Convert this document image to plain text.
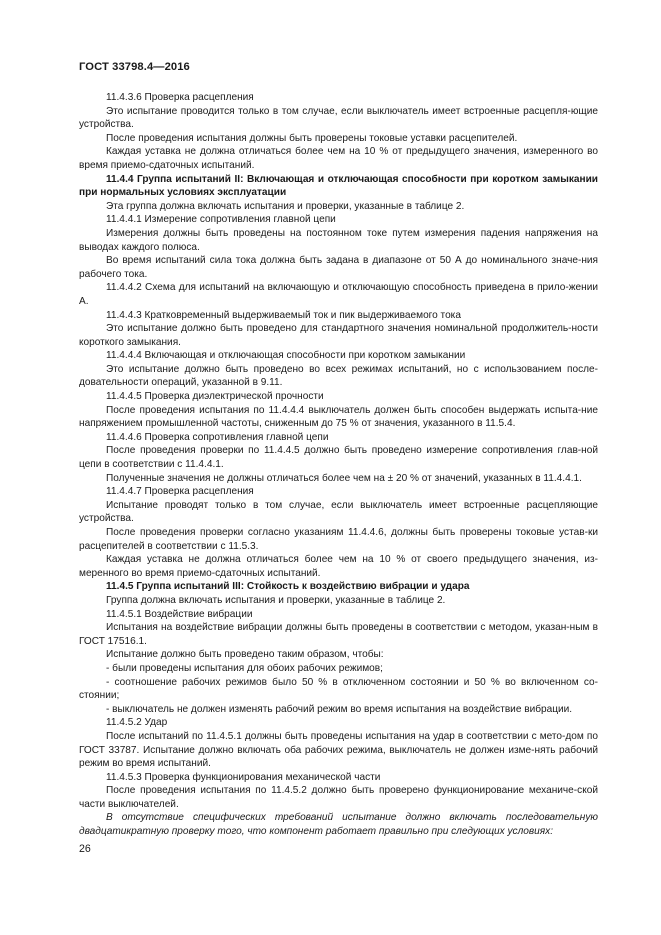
ГОСТ 33798.4—2016

11.4.3.6 Проверка расцепления

Это испытание проводится только в том случае, если выключатель имеет встроенные расцепля-ющие устройства.

После проведения испытания должны быть проверены токовые уставки расцепителей.

Каждая уставка не должна отличаться более чем на 10 % от предыдущего значения, измеренного во время приемо-сдаточных испытаний.

11.4.4 Группа испытаний II: Включающая и отключающая способности при коротком замыкании при нормальных условиях эксплуатации

Эта группа должна включать испытания и проверки, указанные в таблице 2.

11.4.4.1 Измерение сопротивления главной цепи

Измерения должны быть проведены на постоянном токе путем измерения падения напряжения на выводах каждого полюса.

Во время испытаний сила тока должна быть задана в диапазоне от 50 А до номинального значе-ния рабочего тока.

11.4.4.2 Схема для испытаний на включающую и отключающую способность приведена в прило-жении А.

11.4.4.3 Кратковременный выдерживаемый ток и пик выдерживаемого тока

Это испытание должно быть проведено для стандартного значения номинальной продолжитель-ности короткого замыкания.

11.4.4.4 Включающая и отключающая способности при коротком замыкании

Это испытание должно быть проведено во всех режимах испытаний, но с использованием после-довательности операций, указанной в 9.11.

11.4.4.5 Проверка диэлектрической прочности

После проведения испытания по 11.4.4.4 выключатель должен быть способен выдержать испыта-ние напряжением промышленной частоты, сниженным до 75 % от значения, указанного в 11.5.4.

11.4.4.6 Проверка сопротивления главной цепи

После проведения проверки по 11.4.4.5 должно быть проведено измерение сопротивления глав-ной цепи в соответствии с 11.4.4.1.

Полученные значения не должны отличаться более чем на ± 20 % от значений, указанных в 11.4.4.1.

11.4.4.7 Проверка расцепления

Испытание проводят только в том случае, если выключатель имеет встроенные расцепляющие устройства.

После проведения проверки согласно указаниям 11.4.4.6, должны быть проверены токовые устав-ки расцепителей в соответствии с 11.5.3.

Каждая уставка не должна отличаться более чем на 10 % от своего предыдущего значения, из-меренного во время приемо-сдаточных испытаний.

11.4.5 Группа испытаний III: Стойкость к воздействию вибрации и удара

Группа должна включать испытания и проверки, указанные в таблице 2.

11.4.5.1 Воздействие вибрации

Испытания на воздействие вибрации должны быть проведены в соответствии с методом, указан-ным в ГОСТ 17516.1.

Испытание должно быть проведено таким образом, чтобы:

- были проведены испытания для обоих рабочих режимов;

- соотношение рабочих режимов было 50 % в отключенном состоянии и 50 % во включенном со-стоянии;

- выключатель не должен изменять рабочий режим во время испытания на воздействие вибрации.

11.4.5.2 Удар

После испытаний по 11.4.5.1 должны быть проведены испытания на удар в соответствии с мето-дом по ГОСТ 33787. Испытание должно включать оба рабочих режима, выключатель не должен изме-нять рабочий режим во время испытаний.

11.4.5.3 Проверка функционирования механической части

После проведения испытания по 11.4.5.2 должно быть проверено функционирование механиче-ской части выключателей.

В отсутствие специфических требований испытание должно включать последовательную двадцатикратную проверку того, что компонент работает правильно при следующих условиях:

26
